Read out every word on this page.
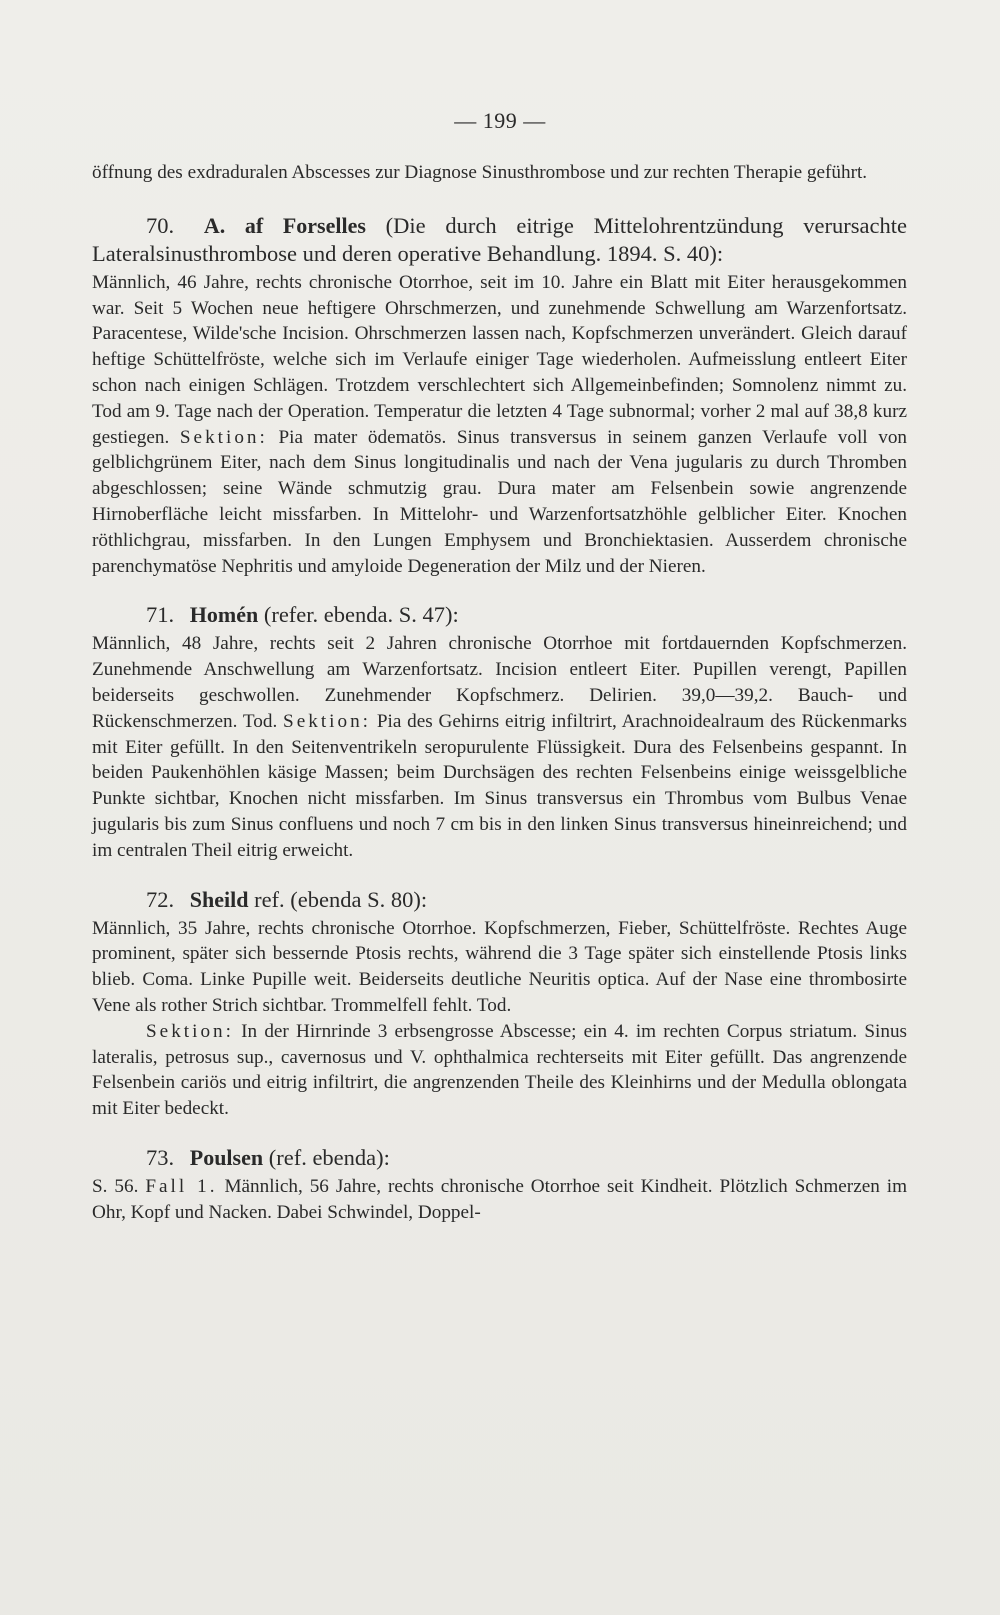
— 199 —

öffnung des exdraduralen Abscesses zur Diagnose Sinusthrombose und zur rechten Therapie geführt.

70. A. af Forselles (Die durch eitrige Mittelohrentzündung verursachte Lateralsinusthrombose und deren operative Behandlung. 1894. S. 40):

Männlich, 46 Jahre, rechts chronische Otorrhoe, seit im 10. Jahre ein Blatt mit Eiter herausgekommen war. Seit 5 Wochen neue heftigere Ohrschmerzen, und zunehmende Schwellung am Warzenfortsatz. Paracentese, Wilde'sche Incision. Ohrschmerzen lassen nach, Kopfschmerzen unverändert. Gleich darauf heftige Schüttelfröste, welche sich im Verlaufe einiger Tage wiederholen. Aufmeisslung entleert Eiter schon nach einigen Schlägen. Trotzdem verschlechtert sich Allgemeinbefinden; Somnolenz nimmt zu. Tod am 9. Tage nach der Operation. Temperatur die letzten 4 Tage subnormal; vorher 2 mal auf 38,8 kurz gestiegen. Sektion: Pia mater ödematös. Sinus transversus in seinem ganzen Verlaufe voll von gelblichgrünem Eiter, nach dem Sinus longitudinalis und nach der Vena jugularis zu durch Thromben abgeschlossen; seine Wände schmutzig grau. Dura mater am Felsenbein sowie angrenzende Hirnoberfläche leicht missfarben. In Mittelohr- und Warzenfortsatzhöhle gelblicher Eiter. Knochen röthlichgrau, missfarben. In den Lungen Emphysem und Bronchiektasien. Ausserdem chronische parenchymatöse Nephritis und amyloide Degeneration der Milz und der Nieren.

71. Homén (refer. ebenda. S. 47):

Männlich, 48 Jahre, rechts seit 2 Jahren chronische Otorrhoe mit fortdauernden Kopfschmerzen. Zunehmende Anschwellung am Warzenfortsatz. Incision entleert Eiter. Pupillen verengt, Papillen beiderseits geschwollen. Zunehmender Kopfschmerz. Delirien. 39,0—39,2. Bauch- und Rückenschmerzen. Tod. Sektion: Pia des Gehirns eitrig infiltrirt, Arachnoidealraum des Rückenmarks mit Eiter gefüllt. In den Seitenventrikeln seropurulente Flüssigkeit. Dura des Felsenbeins gespannt. In beiden Paukenhöhlen käsige Massen; beim Durchsägen des rechten Felsenbeins einige weissgelbliche Punkte sichtbar, Knochen nicht missfarben. Im Sinus transversus ein Thrombus vom Bulbus Venae jugularis bis zum Sinus confluens und noch 7 cm bis in den linken Sinus transversus hineinreichend; und im centralen Theil eitrig erweicht.

72. Sheild ref. (ebenda S. 80):

Männlich, 35 Jahre, rechts chronische Otorrhoe. Kopfschmerzen, Fieber, Schüttelfröste. Rechtes Auge prominent, später sich bessernde Ptosis rechts, während die 3 Tage später sich einstellende Ptosis links blieb. Coma. Linke Pupille weit. Beiderseits deutliche Neuritis optica. Auf der Nase eine thrombosirte Vene als rother Strich sichtbar. Trommelfell fehlt. Tod.

Sektion: In der Hirnrinde 3 erbsengrosse Abscesse; ein 4. im rechten Corpus striatum. Sinus lateralis, petrosus sup., cavernosus und V. ophthalmica rechterseits mit Eiter gefüllt. Das angrenzende Felsenbein cariös und eitrig infiltrirt, die angrenzenden Theile des Kleinhirns und der Medulla oblongata mit Eiter bedeckt.

73. Poulsen (ref. ebenda):

S. 56. Fall 1. Männlich, 56 Jahre, rechts chronische Otorrhoe seit Kindheit. Plötzlich Schmerzen im Ohr, Kopf und Nacken. Dabei Schwindel, Doppel-
